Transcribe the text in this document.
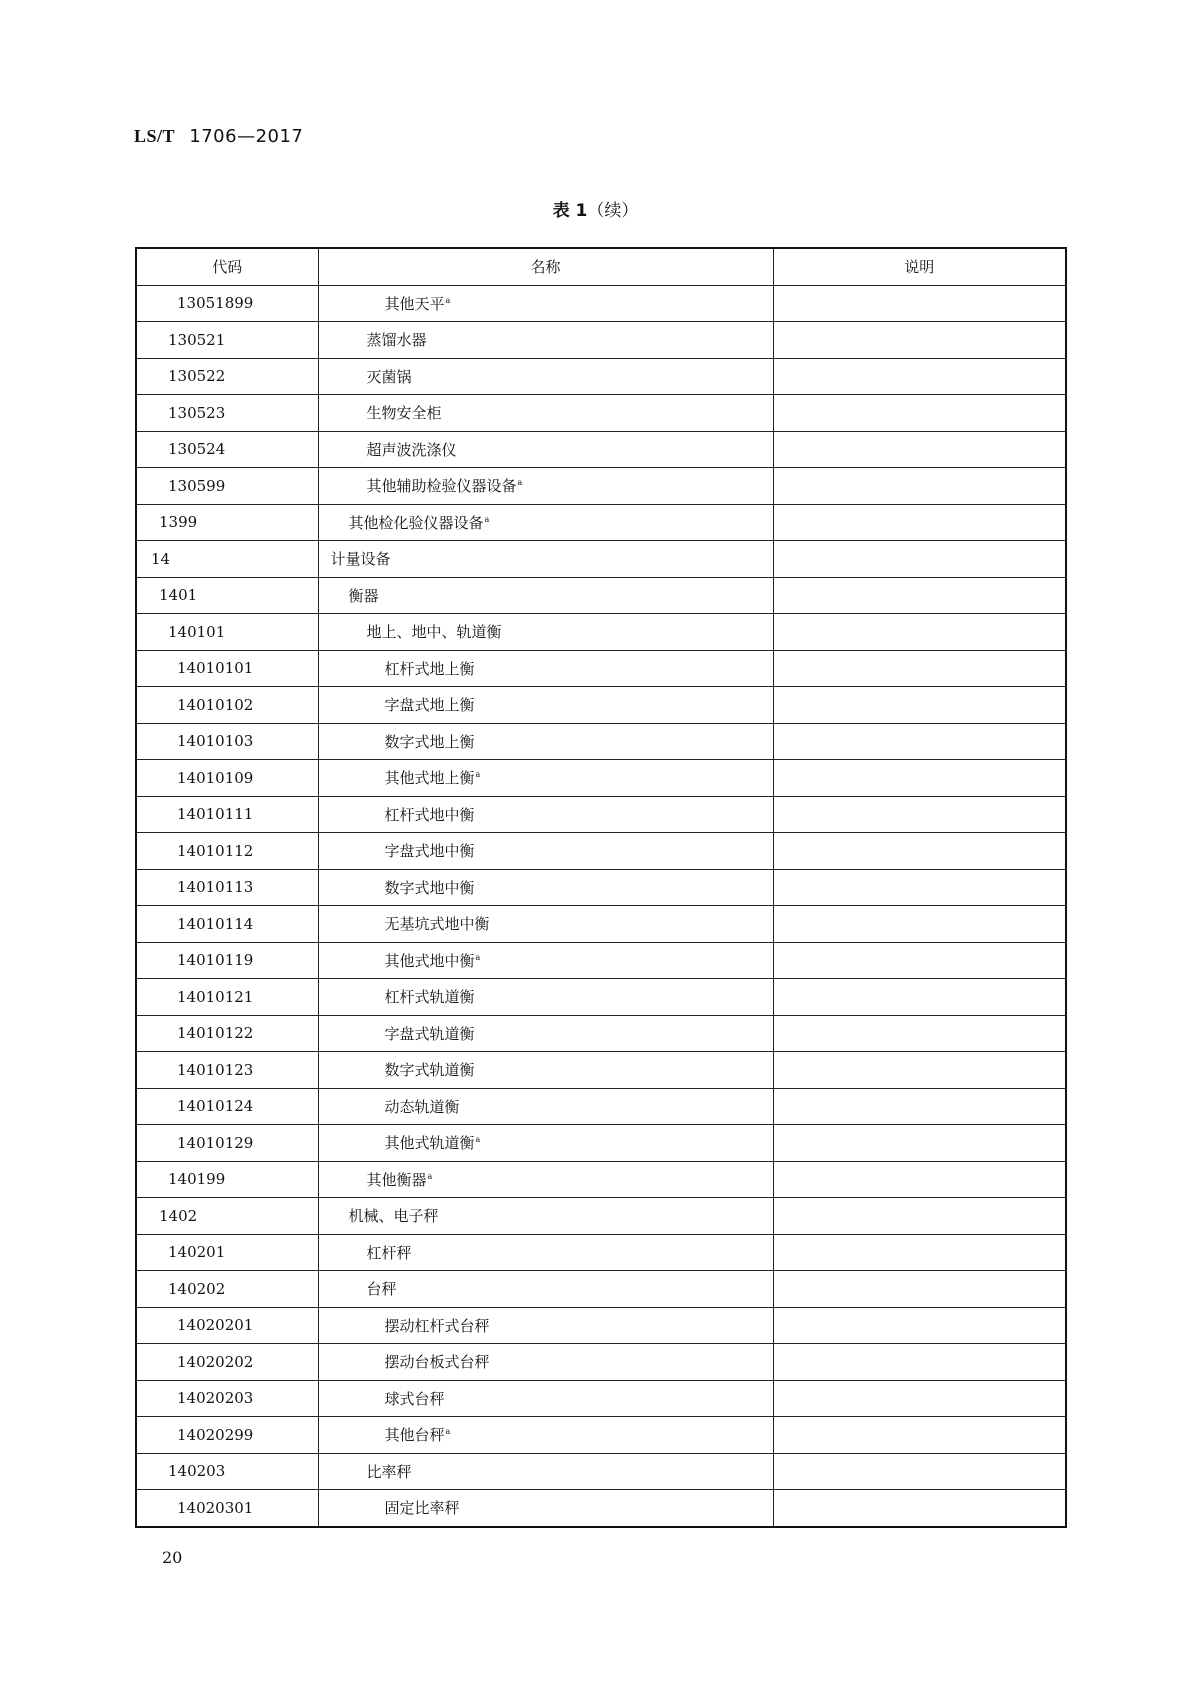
LS/T 1706—2017
表 1（续）
代码	名称	说明
13051899	其他天平$^a$	
130521	蒸馏水器	
130522	灭菌锅	
130523	生物安全柜	
130524	超声波洗涤仪	
130599	其他辅助检验仪器设备$^a$	
1399	其他检化验仪器设备$^a$	
14	计量设备	
1401	衡器	
140101	地上、地中、轨道衡	
14010101	杠杆式地上衡	
14010102	字盘式地上衡	
14010103	数字式地上衡	
14010109	其他式地上衡$^a$	
14010111	杠杆式地中衡	
14010112	字盘式地中衡	
14010113	数字式地中衡	
14010114	无基坑式地中衡	
14010119	其他式地中衡$^a$	
14010121	杠杆式轨道衡	
14010122	字盘式轨道衡	
14010123	数字式轨道衡	
14010124	动态轨道衡	
14010129	其他式轨道衡$^a$	
140199	其他衡器$^a$	
1402	机械、电子秤	
140201	杠杆秤	
140202	台秤	
14020201	摆动杠杆式台秤	
14020202	摆动台板式台秤	
14020203	球式台秤	
14020299	其他台秤$^a$	
140203	比率秤	
14020301	固定比率秤	
20
